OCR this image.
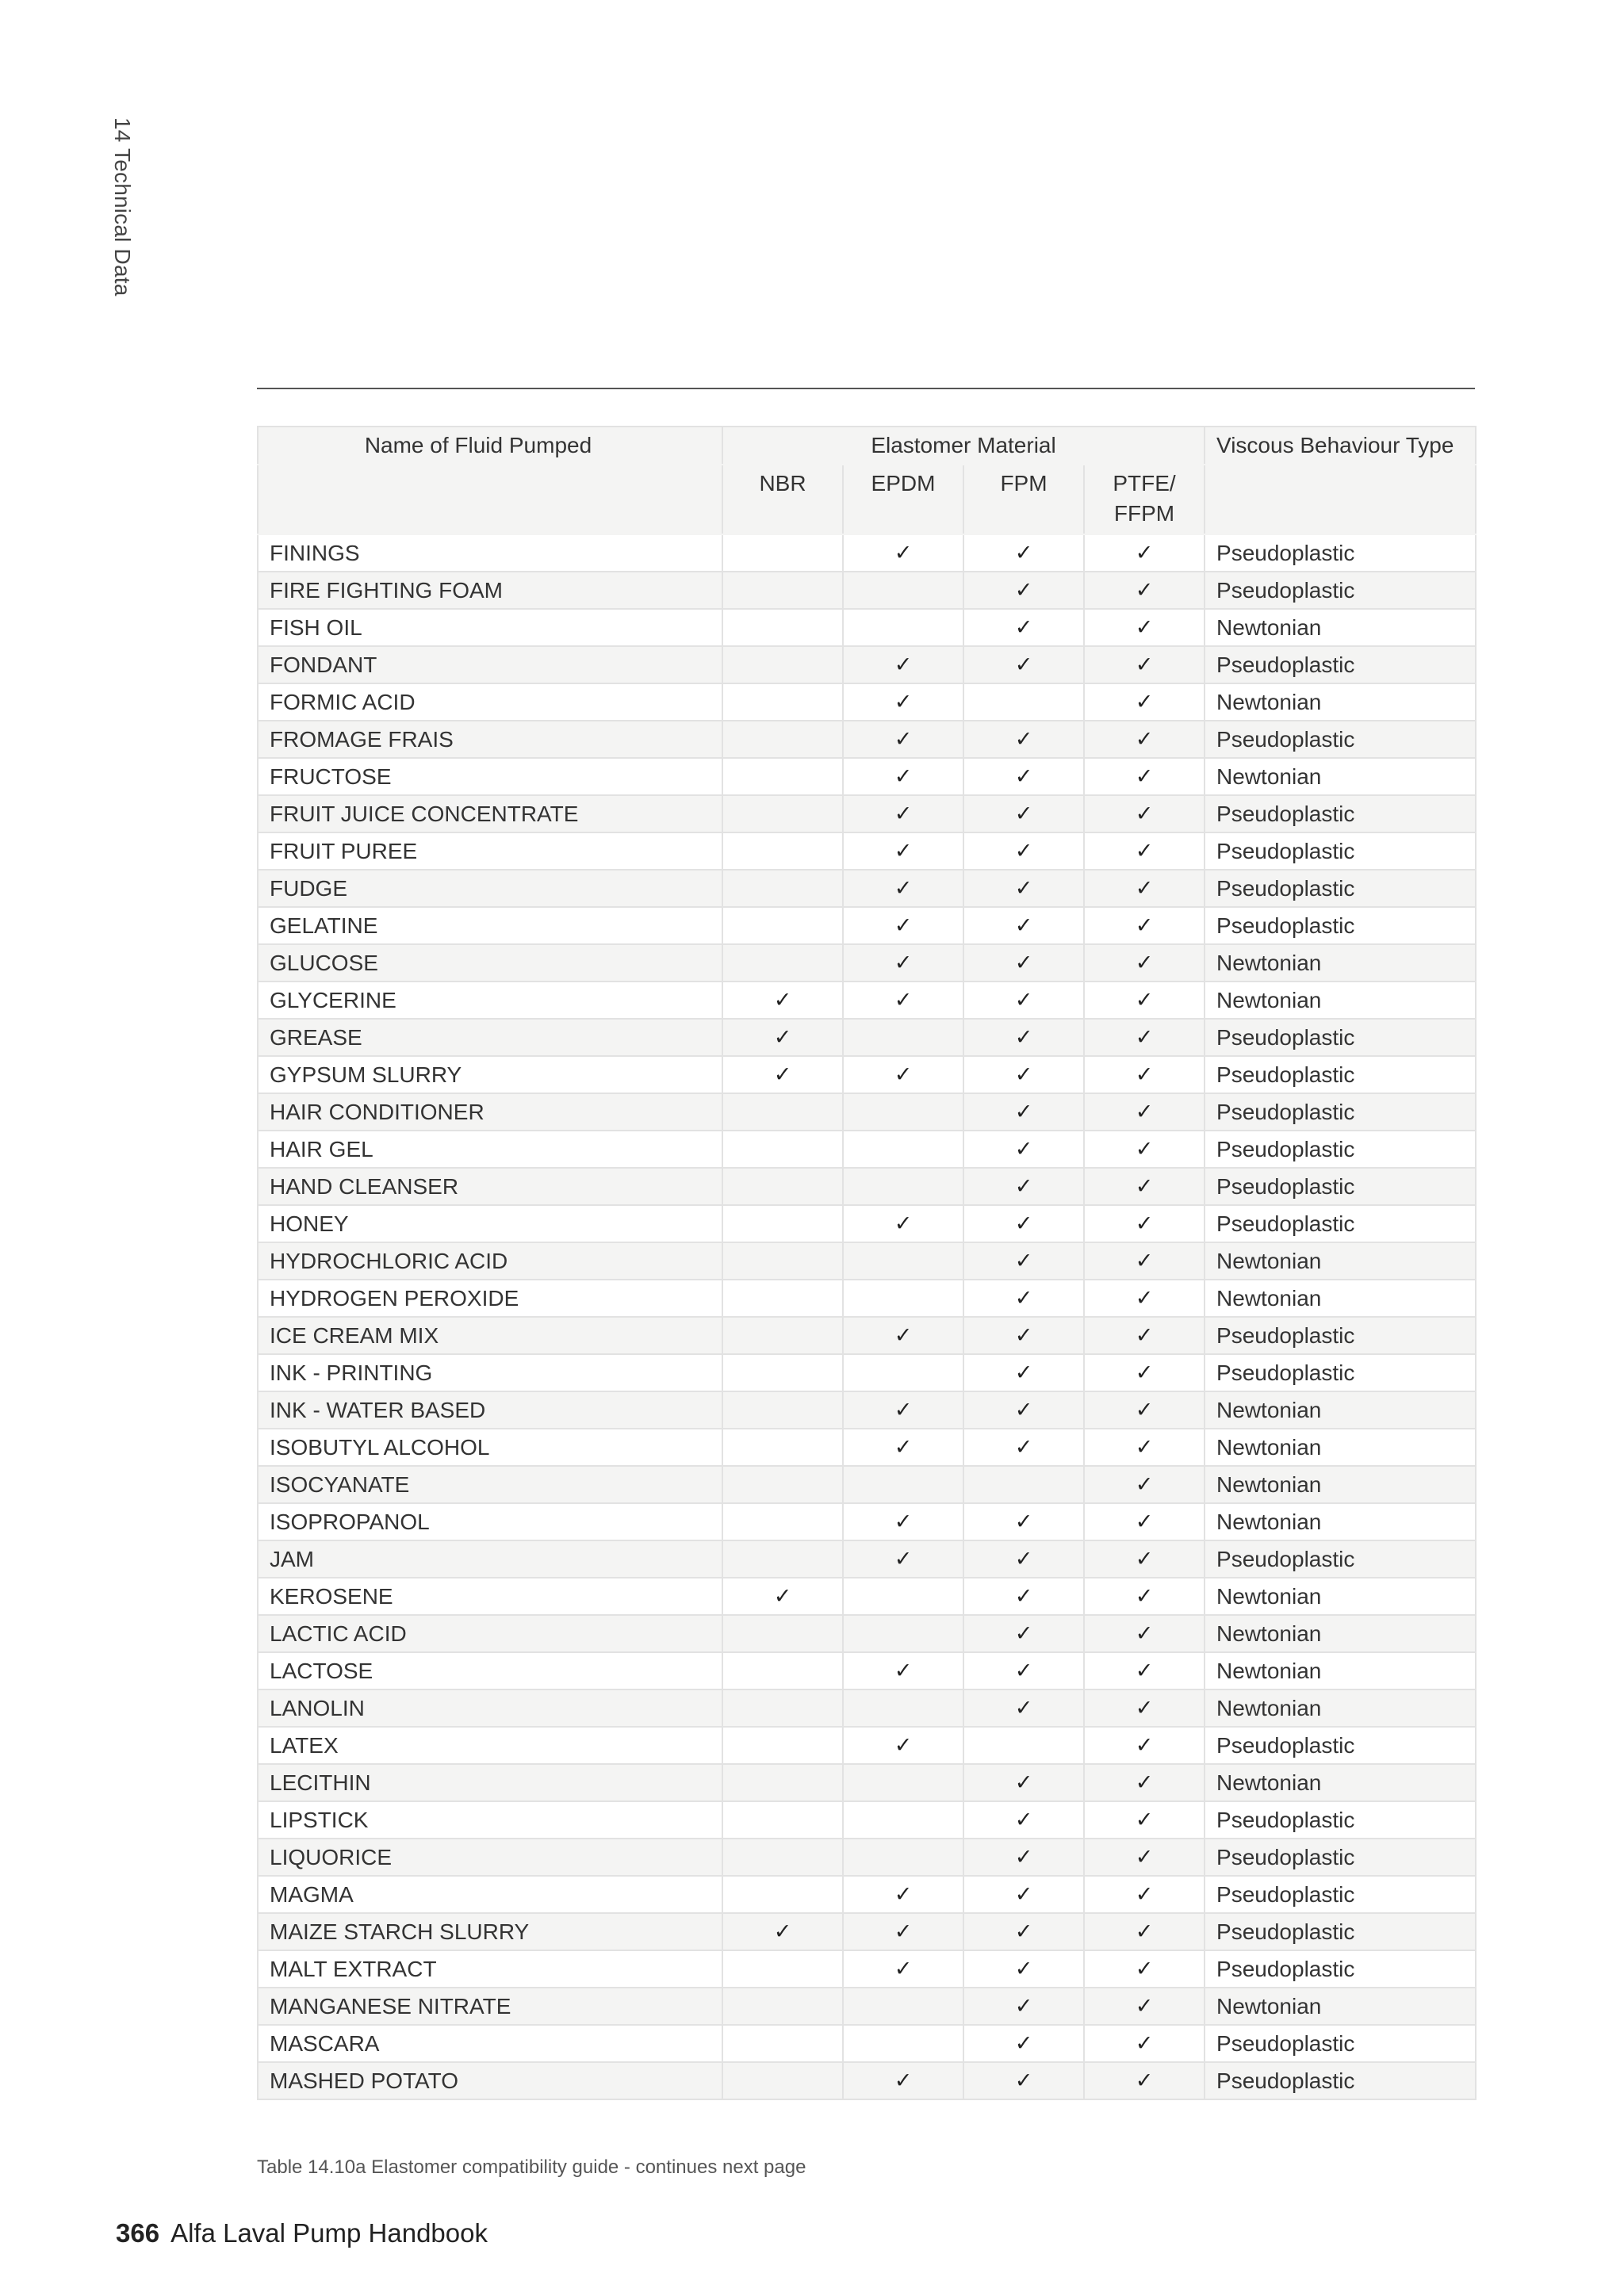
14 Technical Data
Name of Fluid Pumped	Elastomer Material				Viscous Behaviour Type
	NBR	EPDM	FPM	PTFE/ FFPM	
FININGS		✓	✓	✓	Pseudoplastic
FIRE FIGHTING FOAM			✓	✓	Pseudoplastic
FISH OIL			✓	✓	Newtonian
FONDANT		✓	✓	✓	Pseudoplastic
FORMIC ACID		✓		✓	Newtonian
FROMAGE FRAIS		✓	✓	✓	Pseudoplastic
FRUCTOSE		✓	✓	✓	Newtonian
FRUIT JUICE CONCENTRATE		✓	✓	✓	Pseudoplastic
FRUIT PUREE		✓	✓	✓	Pseudoplastic
FUDGE		✓	✓	✓	Pseudoplastic
GELATINE		✓	✓	✓	Pseudoplastic
GLUCOSE		✓	✓	✓	Newtonian
GLYCERINE	✓	✓	✓	✓	Newtonian
GREASE	✓		✓	✓	Pseudoplastic
GYPSUM SLURRY	✓	✓	✓	✓	Pseudoplastic
HAIR CONDITIONER			✓	✓	Pseudoplastic
HAIR GEL			✓	✓	Pseudoplastic
HAND CLEANSER			✓	✓	Pseudoplastic
HONEY		✓	✓	✓	Pseudoplastic
HYDROCHLORIC ACID			✓	✓	Newtonian
HYDROGEN PEROXIDE			✓	✓	Newtonian
ICE CREAM MIX		✓	✓	✓	Pseudoplastic
INK - PRINTING			✓	✓	Pseudoplastic
INK - WATER BASED		✓	✓	✓	Newtonian
ISOBUTYL ALCOHOL		✓	✓	✓	Newtonian
ISOCYANATE				✓	Newtonian
ISOPROPANOL		✓	✓	✓	Newtonian
JAM		✓	✓	✓	Pseudoplastic
KEROSENE	✓		✓	✓	Newtonian
LACTIC ACID			✓	✓	Newtonian
LACTOSE		✓	✓	✓	Newtonian
LANOLIN			✓	✓	Newtonian
LATEX		✓		✓	Pseudoplastic
LECITHIN			✓	✓	Newtonian
LIPSTICK			✓	✓	Pseudoplastic
LIQUORICE			✓	✓	Pseudoplastic
MAGMA		✓	✓	✓	Pseudoplastic
MAIZE STARCH SLURRY	✓	✓	✓	✓	Pseudoplastic
MALT EXTRACT		✓	✓	✓	Pseudoplastic
MANGANESE NITRATE			✓	✓	Newtonian
MASCARA			✓	✓	Pseudoplastic
MASHED POTATO		✓	✓	✓	Pseudoplastic
Table 14.10a Elastomer compatibility guide - continues next page
366 Alfa Laval Pump Handbook
